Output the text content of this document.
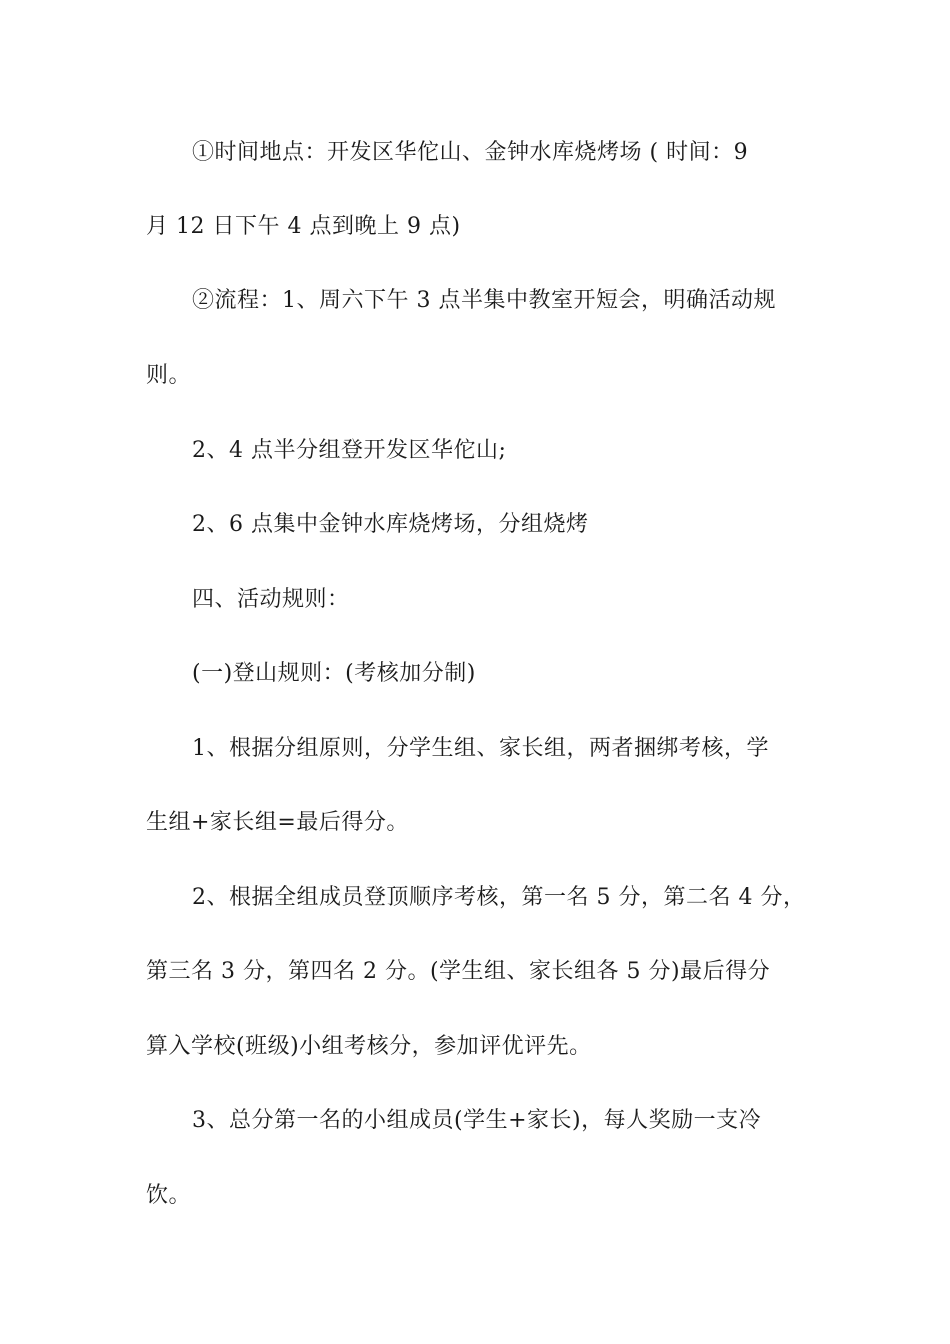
①时间地点：开发区华佗山、金钟水库烧烤场 ( 时间：9
月 12 日下午 4 点到晚上 9 点)
②流程：1、周六下午 3 点半集中教室开短会，明确活动规
则。
2、4 点半分组登开发区华佗山;
2、6 点集中金钟水库烧烤场，分组烧烤
四、活动规则：
(一)登山规则：(考核加分制)
1、根据分组原则，分学生组、家长组，两者捆绑考核，学
生组+家长组=最后得分。
2、根据全组成员登顶顺序考核，第一名 5 分，第二名 4 分，
第三名 3 分，第四名 2 分。(学生组、家长组各 5 分)最后得分
算入学校(班级)小组考核分，参加评优评先。
3、总分第一名的小组成员(学生+家长)，每人奖励一支冷
饮。
